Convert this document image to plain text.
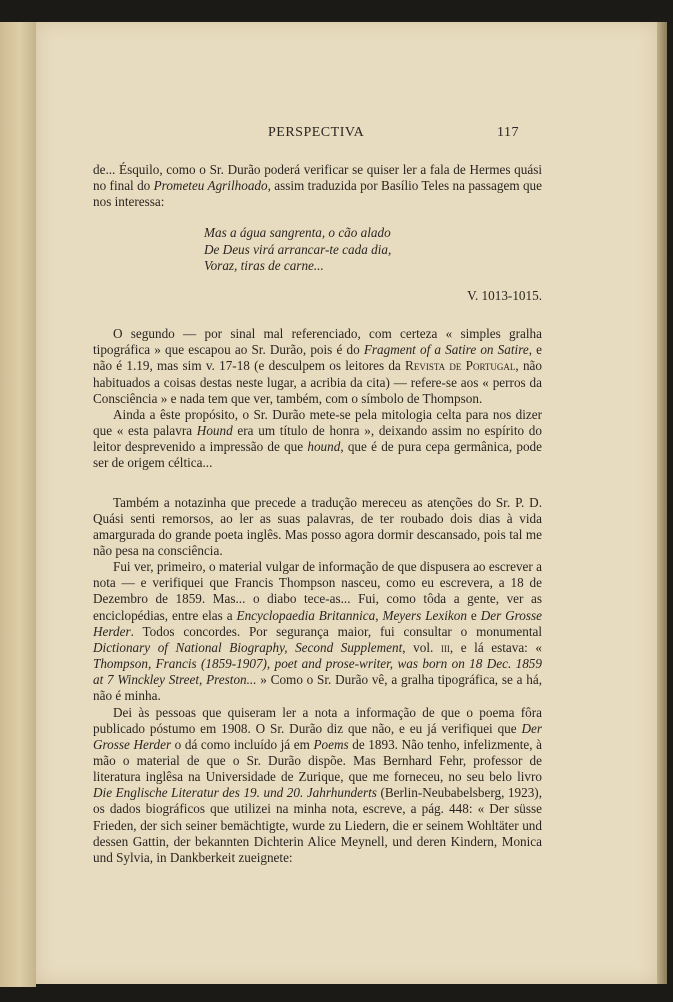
PERSPECTIVA	117

de... Ésquilo, como o Sr. Durão poderá verificar se quiser ler a fala de Hermes quási no final do Prometeu Agrilhoado, assim traduzida por Basílio Teles na passagem que nos interessa:

Mas a água sangrenta, o cão alado
De Deus virá arrancar-te cada dia,
Voraz, tiras de carne...
V. 1013-1015.

O segundo — por sinal mal referenciado, com certeza « simples gralha tipográfica » que escapou ao Sr. Durão, pois é do Fragment of a Satire on Satire, e não é 1.19, mas sim v. 17-18 (e desculpem os leitores da Revista de Portugal, não habituados a coisas destas neste lugar, a acribia da cita) — refere-se aos « perros da Consciência » e nada tem que ver, também, com o símbolo de Thompson.

Ainda a êste propósito, o Sr. Durão mete-se pela mitologia celta para nos dizer que « esta palavra Hound era um título de honra », deixando assim no espírito do leitor desprevenido a impressão de que hound, que é de pura cepa germânica, pode ser de origem céltica...

Também a notazinha que precede a tradução mereceu as atenções do Sr. P. D. Quási senti remorsos, ao ler as suas palavras, de ter roubado dois dias à vida amargurada do grande poeta inglês. Mas posso agora dormir descansado, pois tal me não pesa na consciência.

Fui ver, primeiro, o material vulgar de informação de que dispusera ao escrever a nota — e verifiquei que Francis Thompson nasceu, como eu escrevera, a 18 de Dezembro de 1859. Mas... o diabo tece-as... Fui, como tôda a gente, ver as enciclopédias, entre elas a Encyclopaedia Britannica, Meyers Lexikon e Der Grosse Herder. Todos concordes. Por segurança maior, fui consultar o monumental Dictionary of National Biography, Second Supplement, vol. iii, e lá estava: « Thompson, Francis (1859-1907), poet and prose-writer, was born on 18 Dec. 1859 at 7 Winckley Street, Preston... » Como o Sr. Durão vê, a gralha tipográfica, se a há, não é minha.

Dei às pessoas que quiseram ler a nota a informação de que o poema fôra publicado póstumo em 1908. O Sr. Durão diz que não, e eu já verifiquei que Der Grosse Herder o dá como incluído já em Poems de 1893. Não tenho, infelizmente, à mão o material de que o Sr. Durão dispõe. Mas Bernhard Fehr, professor de literatura inglêsa na Universidade de Zurique, que me forneceu, no seu belo livro Die Englische Literatur des 19. und 20. Jahrhunderts (Berlin-Neubabelsberg, 1923), os dados biográficos que utilizei na minha nota, escreve, a pág. 448: « Der süsse Frieden, der sich seiner bemächtigte, wurde zu Liedern, die er seinem Wohltäter und dessen Gattin, der bekannten Dichterin Alice Meynell, und deren Kindern, Monica und Sylvia, in Dankberkeit zueignete:
